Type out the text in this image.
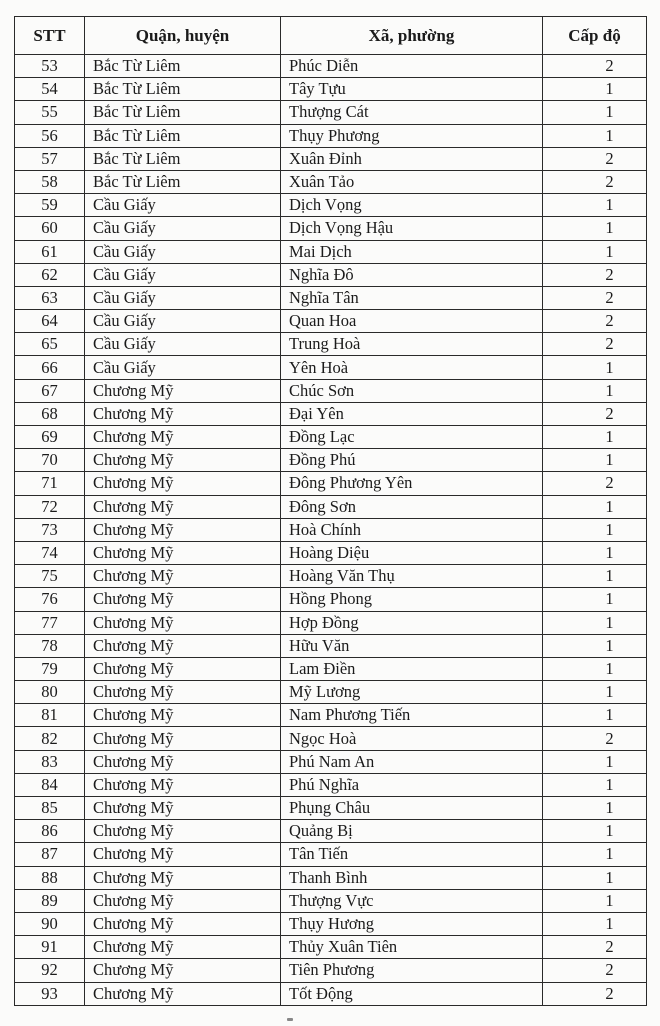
STT	Quận, huyện	Xã, phường	Cấp độ
53	Bắc Từ Liêm	Phúc Diễn	2
54	Bắc Từ Liêm	Tây Tựu	1
55	Bắc Từ Liêm	Thượng Cát	1
56	Bắc Từ Liêm	Thụy Phương	1
57	Bắc Từ Liêm	Xuân Đỉnh	2
58	Bắc Từ Liêm	Xuân Tảo	2
59	Cầu Giấy	Dịch Vọng	1
60	Cầu Giấy	Dịch Vọng Hậu	1
61	Cầu Giấy	Mai Dịch	1
62	Cầu Giấy	Nghĩa Đô	2
63	Cầu Giấy	Nghĩa Tân	2
64	Cầu Giấy	Quan Hoa	2
65	Cầu Giấy	Trung Hoà	2
66	Cầu Giấy	Yên Hoà	1
67	Chương Mỹ	Chúc Sơn	1
68	Chương Mỹ	Đại Yên	2
69	Chương Mỹ	Đồng Lạc	1
70	Chương Mỹ	Đồng Phú	1
71	Chương Mỹ	Đông Phương Yên	2
72	Chương Mỹ	Đông Sơn	1
73	Chương Mỹ	Hoà Chính	1
74	Chương Mỹ	Hoàng Diệu	1
75	Chương Mỹ	Hoàng Văn Thụ	1
76	Chương Mỹ	Hồng Phong	1
77	Chương Mỹ	Hợp Đồng	1
78	Chương Mỹ	Hữu Văn	1
79	Chương Mỹ	Lam Điền	1
80	Chương Mỹ	Mỹ Lương	1
81	Chương Mỹ	Nam Phương Tiến	1
82	Chương Mỹ	Ngọc Hoà	2
83	Chương Mỹ	Phú Nam An	1
84	Chương Mỹ	Phú Nghĩa	1
85	Chương Mỹ	Phụng Châu	1
86	Chương Mỹ	Quảng Bị	1
87	Chương Mỹ	Tân Tiến	1
88	Chương Mỹ	Thanh Bình	1
89	Chương Mỹ	Thượng Vực	1
90	Chương Mỹ	Thụy Hương	1
91	Chương Mỹ	Thủy Xuân Tiên	2
92	Chương Mỹ	Tiên Phương	2
93	Chương Mỹ	Tốt Động	2
